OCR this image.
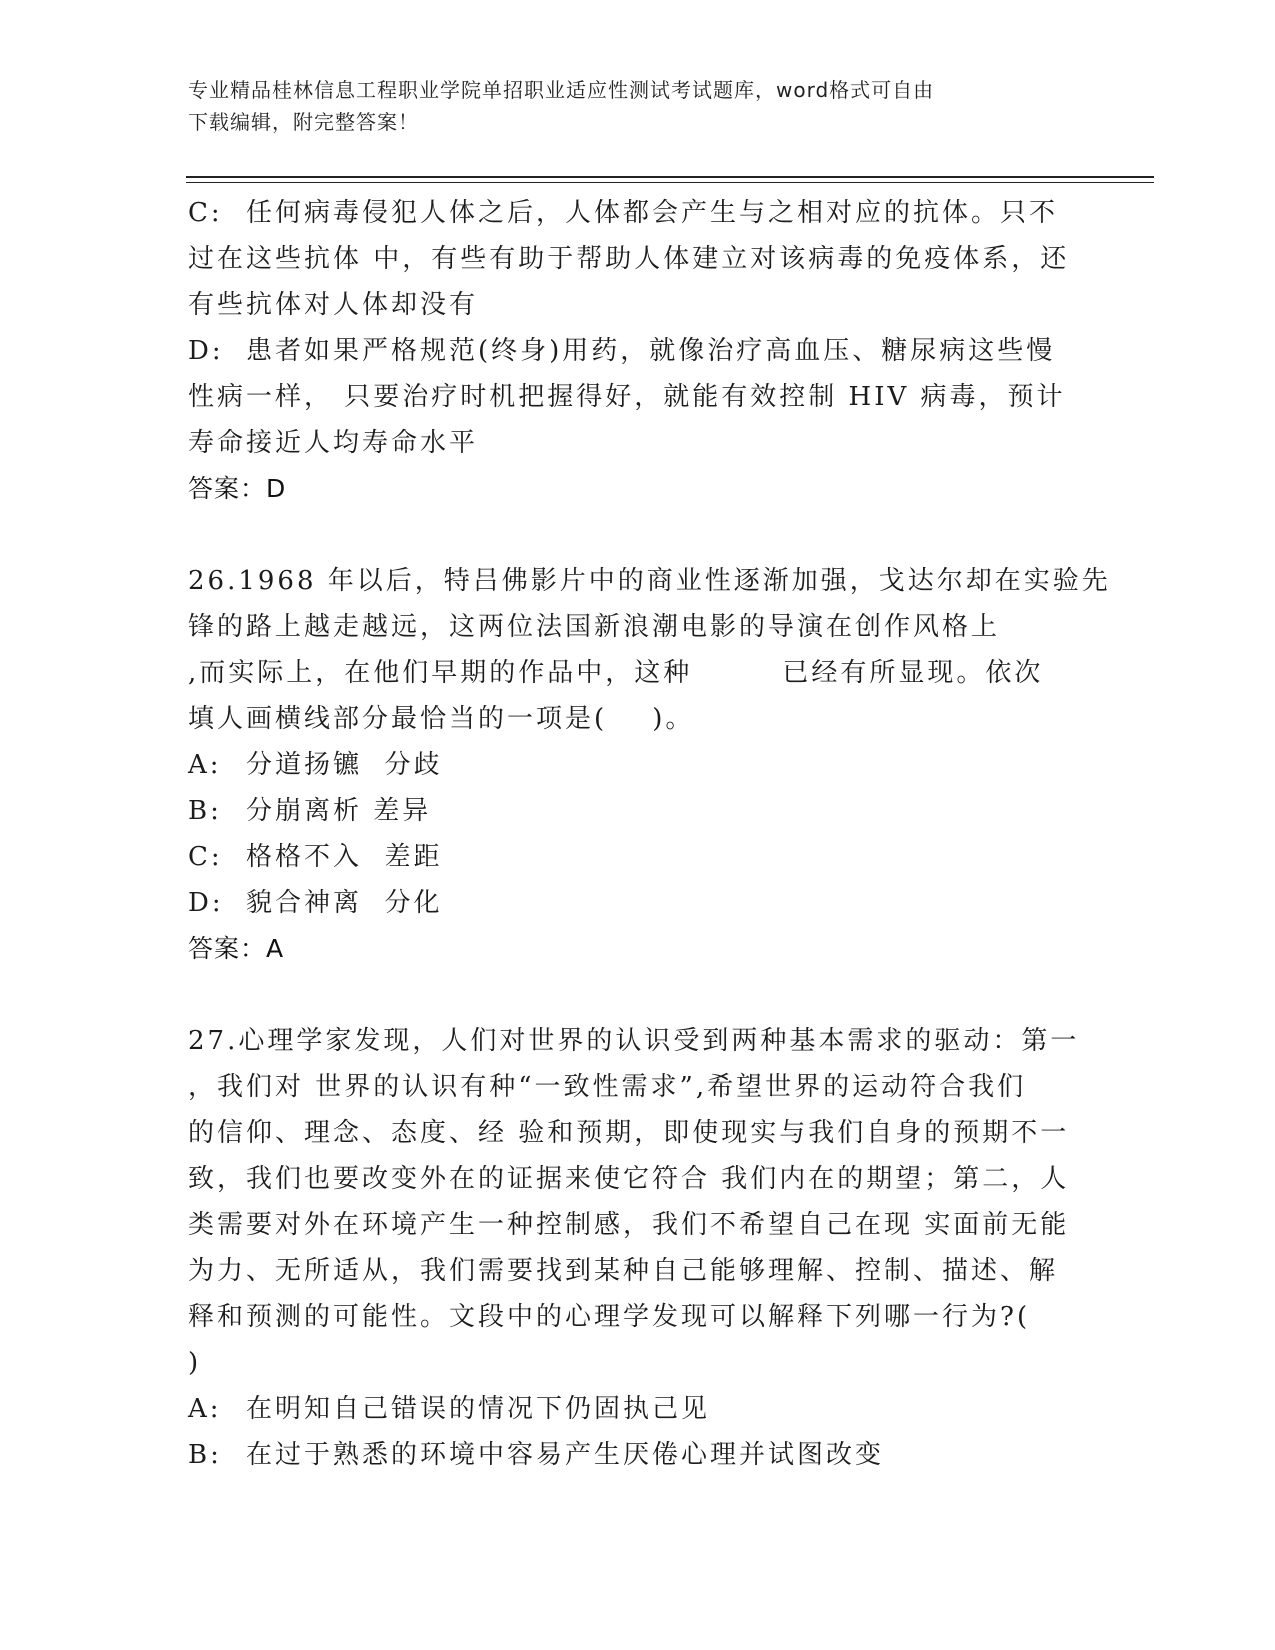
专业精品桂林信息工程职业学院单招职业适应性测试考试题库，word格式可自由
下载编辑，附完整答案！
C: 任何病毒侵犯人体之后，人体都会产生与之相对应的抗体。只不
过在这些抗体 中，有些有助于帮助人体建立对该病毒的免疫体系，还
有些抗体对人体却没有
D: 患者如果严格规范(终身)用药，就像治疗高血压、糖尿病这些慢
性病一样， 只要治疗时机把握得好，就能有效控制 HIV 病毒，预计
寿命接近人均寿命水平
答案：D
26.1968 年以后，特吕佛影片中的商业性逐渐加强，戈达尔却在实验先
锋的路上越走越远，这两位法国新浪潮电影的导演在创作风格上
,而实际上，在他们早期的作品中，这种        已经有所显现。依次
填人画横线部分最恰当的一项是(    )。
A: 分道扬镳  分歧
B: 分崩离析 差异
C: 格格不入  差距
D: 貌合神离  分化
答案：A
27.心理学家发现，人们对世界的认识受到两种基本需求的驱动：第一
，我们对 世界的认识有种“一致性需求”,希望世界的运动符合我们
的信仰、理念、态度、经 验和预期，即使现实与我们自身的预期不一
致，我们也要改变外在的证据来使它符合 我们内在的期望；第二，人
类需要对外在环境产生一种控制感，我们不希望自己在现 实面前无能
为力、无所适从，我们需要找到某种自己能够理解、控制、描述、解
释和预测的可能性。文段中的心理学发现可以解释下列哪一行为?(
)
A: 在明知自己错误的情况下仍固执己见
B: 在过于熟悉的环境中容易产生厌倦心理并试图改变
